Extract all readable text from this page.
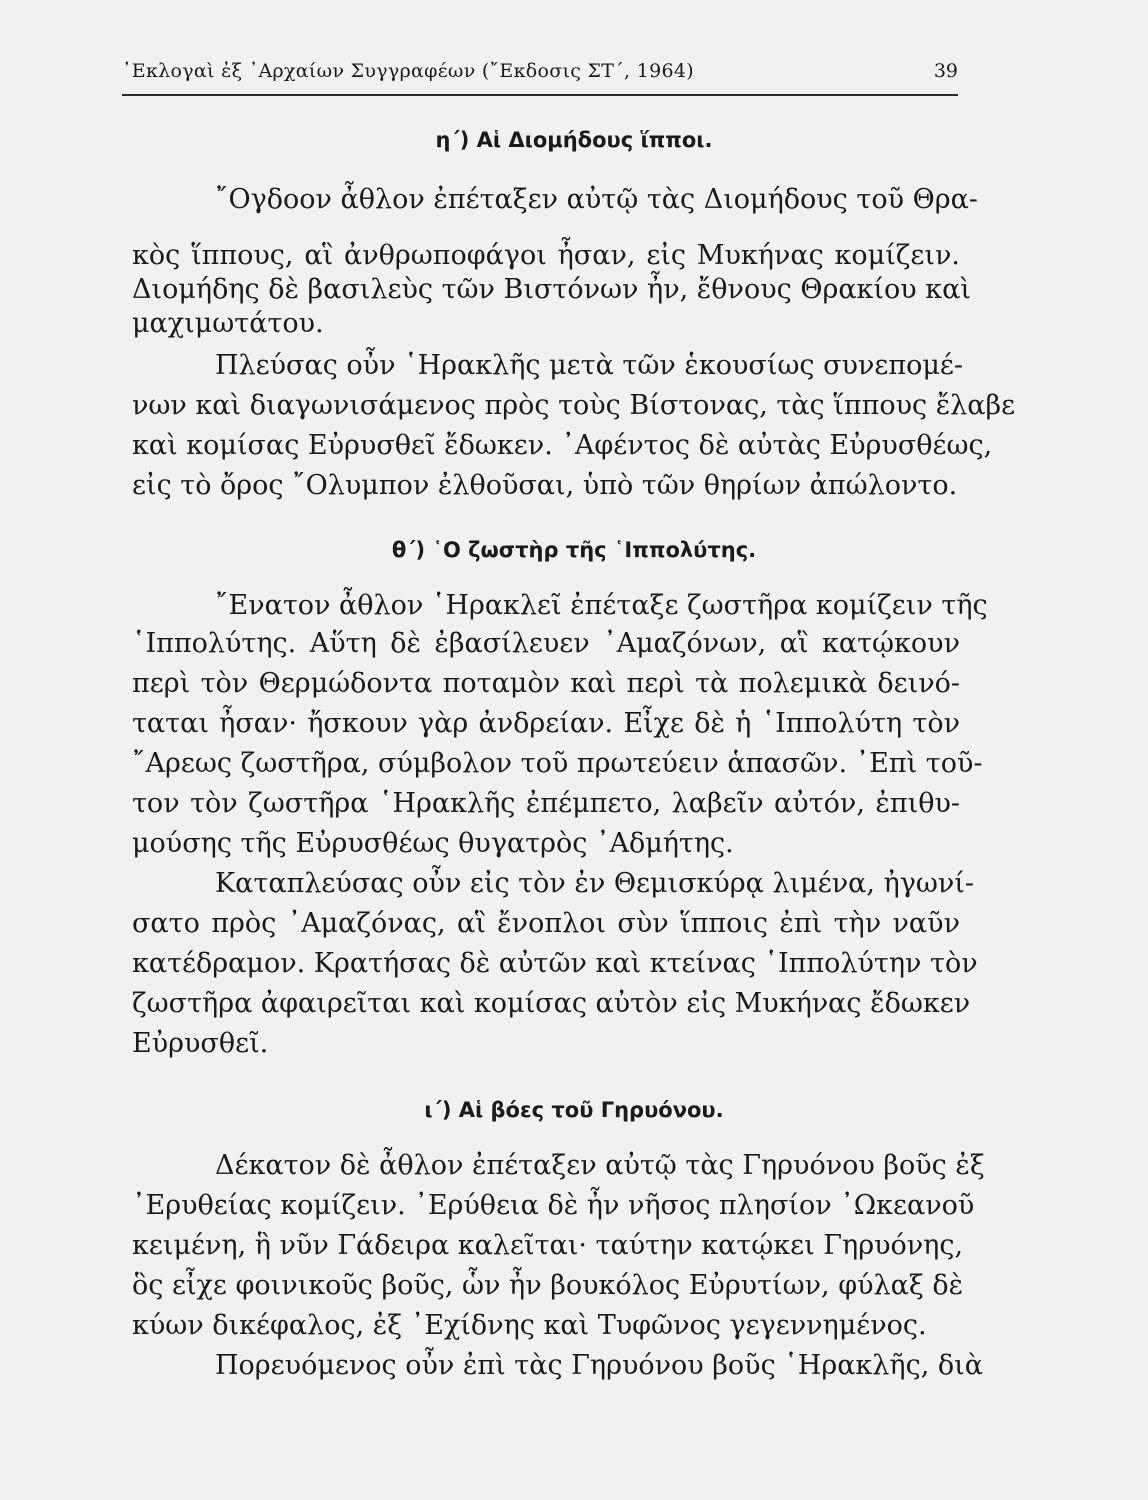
᾿Εκλογαὶ ἐξ ᾿Αρχαίων Συγγραφέων (῎Εκδοσις ΣΤ΄, 1964)	39
η΄) Αἱ Διομήδους ἵπποι.
῎Ογδοον ἆθλον ἐπέταξεν αὐτῷ τὰς Διομήδους τοῦ Θρα-
κὸς ἵππους, αἳ ἀνθρωποφάγοι ἦσαν, εἰς Μυκήνας κομίζειν.
Διομήδης δὲ βασιλεὺς τῶν Βιστόνων ἦν, ἔθνους Θρακίου καὶ
μαχιμωτάτου.
Πλεύσας οὖν ῾Ηρακλῆς μετὰ τῶν ἑκουσίως συνεπομέ-
νων καὶ διαγωνισάμενος πρὸς τοὺς Βίστονας, τὰς ἵππους ἔλαβε
καὶ κομίσας Εὐρυσθεῖ ἔδωκεν. ᾿Αφέντος δὲ αὐτὰς Εὐρυσθέως,
εἰς τὸ ὄρος ῎Ολυμπον ἐλθοῦσαι, ὑπὸ τῶν θηρίων ἀπώλοντο.
θ΄) ῾Ο ζωστὴρ τῆς ῾Ιππολύτης.
῎Ενατον ἆθλον ῾Ηρακλεῖ ἐπέταξε ζωστῆρα κομίζειν τῆς
῾Ιππολύτης. Αὕτη δὲ ἐβασίλευεν ᾿Αμαζόνων, αἳ κατῴκουν
περὶ τὸν Θερμώδοντα ποταμὸν καὶ περὶ τὰ πολεμικὰ δεινό-
ταται ἦσαν· ἤσκουν γὰρ ἀνδρείαν. Εἶχε δὲ ἡ ῾Ιππολύτη τὸν
῎Αρεως ζωστῆρα, σύμβολον τοῦ πρωτεύειν ἁπασῶν. ᾿Επὶ τοῦ-
τον τὸν ζωστῆρα ῾Ηρακλῆς ἐπέμπετο, λαβεῖν αὐτόν, ἐπιθυ-
μούσης τῆς Εὐρυσθέως θυγατρὸς ᾿Αδμήτης.
Καταπλεύσας οὖν εἰς τὸν ἐν Θεμισκύρᾳ λιμένα, ἠγωνί-
σατο πρὸς ᾿Αμαζόνας, αἳ ἔνοπλοι σὺν ἵπποις ἐπὶ τὴν ναῦν
κατέδραμον. Κρατήσας δὲ αὐτῶν καὶ κτείνας ῾Ιππολύτην τὸν
ζωστῆρα ἀφαιρεῖται καὶ κομίσας αὐτὸν εἰς Μυκήνας ἔδωκεν
Εὐρυσθεῖ.
ι΄) Αἱ βόες τοῦ Γηρυόνου.
Δέκατον δὲ ἆθλον ἐπέταξεν αὐτῷ τὰς Γηρυόνου βοῦς ἐξ
᾿Ερυθείας κομίζειν. ᾿Ερύθεια δὲ ἦν νῆσος πλησίον ᾿Ωκεανοῦ
κειμένη, ἣ νῦν Γάδειρα καλεῖται· ταύτην κατῴκει Γηρυόνης,
ὃς εἶχε φοινικοῦς βοῦς, ὧν ἦν βουκόλος Εὐρυτίων, φύλαξ δὲ
κύων δικέφαλος, ἐξ ᾿Εχίδνης καὶ Τυφῶνος γεγεννημένος.
Πορευόμενος οὖν ἐπὶ τὰς Γηρυόνου βοῦς ῾Ηρακλῆς, διὰ
